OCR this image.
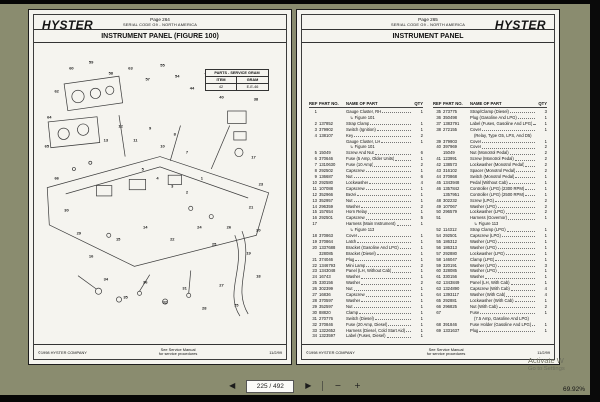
HYSTER	Page 264
SERIAL CODE G9 - NORTH AMERICA
INSTRUMENT PANEL (FIGURE 100)
PARTS - SERVICE GRAM
ITEM	GRAM
42	E-E-46
60
59
58
62
64
63
57
55
54
44
40
38
65
66
30
29
13
12
11
9
10
8
7
5
4
3
2
1
17
23
21
20
19
18
16
15
14
22
24
25
26
34
35
36
32
31
28
27
75
©1998 HYSTER COMPANY
See Service Manual
for service procedures	11/2/99
HYSTER
Page 265
SERIAL CODE G9 - NORTH AMERICA
INSTRUMENT PANEL
REF PART NO.	NAME OF PART	QTY
1	Gauge Cluster, RH	1
↳ Figure 101
2 137852	Strap Clamp	1
3 379902	Switch (Ignition)	1
4 138107	Key	2
Gauge Cluster, LH	1
↳ Figure 101
5 15049	Screw And Nut	6
6 370646	Fuse (5 Amp, Older Units)	1
7 1310630	Fuse (10 Amp)	2
8 292502	Capscrew	1
9 136687	Nut	6
10 292580	Lockwasher	4
11 107088	Capscrew	1
12 352966	Bezel	1
13 352957	Nut	1
14 296359	Washer	2
15 157654	Horn Relay	1
16 292501	Capscrew	5
17	Harness (Main Instrument)	1
↳ Figure 113
18 370863	Cover	1
19 370864	Latch	1
20 1337688	Bracket (Gasoline And LPG)	1
328085	Bracket (Diesel)	1
21 374046	Plug	1
22 1346793	Mini Lamp	2
23 1343048	Panel (LH, Without Cab)	1
24 16743	Washer	1
25 330156	Washer	2
26 302399	Nut	1
27 16836	Capscrew	1
28 370597	Washer	1
29 352597	Nut	1
30 88820	Clamp	1
31 270776	Switch (Diesel)	1
32 370846	Fuse (20 Amp, Diesel)	1
33 1322652	Harness (Diesel, Cold Start Aid)	1
34 1323597	Label (Fuses, Diesel)	1
REF PART NO.	NAME OF PART	QTY
35 273775	Strap/Clamp (Diesel)	3
36 350498	Plug (Gasoline And LPG)	1
37 1383791	Label (Fuses, Gasoline And LPG)	1
38 272155	Cover	1
(Relay, Type G5, LPS, And D5)
39 379903	Cover	1
40 397969	Cover	2
15049	Nut (Monotrol Pedal)	2
41 123991	Screw (Monotrol Pedal)	2
42 138573	Lockwasher (Monotrol Pedal)	2
43 316102	Spacer (Monotrol Pedal)	2
44 370868	Switch (Monotrol Pedal)	1
45 1343948	Pedal (Without Cab)	1
46 1357842	Controller (LPG) (2300 RPM)	1
1357951	Controller (LPG) (2500 RPM)	1
48 302232	Screw (LPG)	2
49 107067	Washer (LPG)	2
50 296579	Lockwasher (LPG)	2
51	Harness (Governor)	1
↳ Figure 113
52 114312	Strap Clamp (LPG)	1
54 292501	Capscrew (LPG)	1
55 186312	Washer (LPG)	1
56 186313	Washer (LPG)	1
57 292880	Lockwasher (LPG)	1
58 146047	Clamp (LPG)	1
59 320191	Washer (LPG)	3
60 328085	Washer (LPG)	1
61 330156	Washer	1
62 1343849	Panel (LH, With Cab)	1
63 1324890	Capscrew (With Cab)	4
64 1393117	Washer (With Cab)	4
65 292881	Lockwasher (With Cab)	1
66 296825	Nut (With Cab)	2
67	Fuse	1
(7.5 Amp, Gasoline And LPG)
68 391846	Fuse Holder (Gasoline And LPG)	1
69 1331637	Plug	1
©1998 HYSTER COMPANY
See Service Manual
for service procedures	11/2/99
◀
225 / 492	▶	− +
Activate W
Go to Settings
69.92%
